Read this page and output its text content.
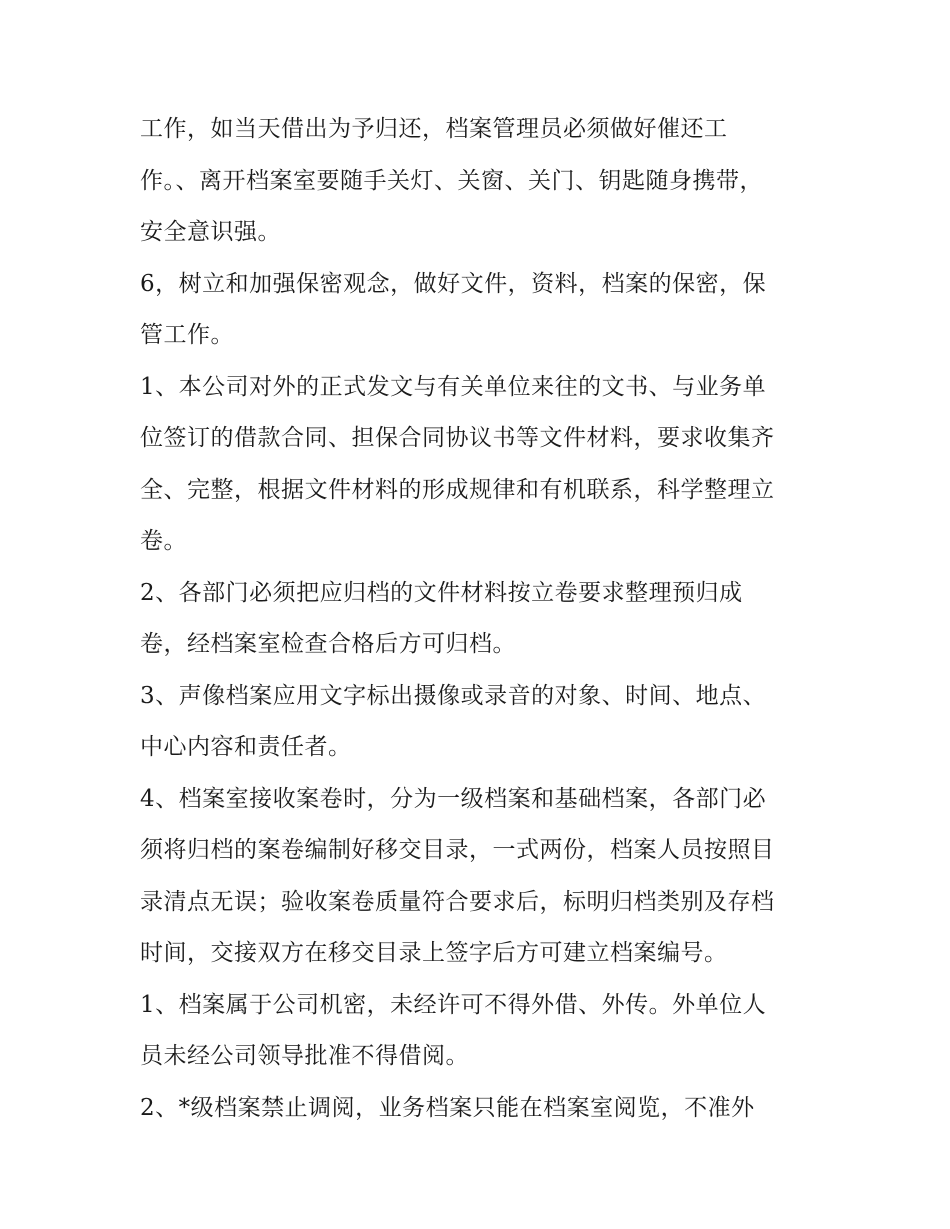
工作，如当天借出为予归还，档案管理员必须做好催还工
作。、离开档案室要随手关灯、关窗、关门、钥匙随身携带，
安全意识强。
6，树立和加强保密观念，做好文件，资料，档案的保密，保
管工作。
1、本公司对外的正式发文与有关单位来往的文书、与业务单
位签订的借款合同、担保合同协议书等文件材料，要求收集齐
全、完整，根据文件材料的形成规律和有机联系，科学整理立
卷。
2、各部门必须把应归档的文件材料按立卷要求整理预归成
卷，经档案室检查合格后方可归档。
3、声像档案应用文字标出摄像或录音的对象、时间、地点、
中心内容和责任者。
4、档案室接收案卷时，分为一级档案和基础档案，各部门必
须将归档的案卷编制好移交目录，一式两份，档案人员按照目
录清点无误；验收案卷质量符合要求后，标明归档类别及存档
时间，交接双方在移交目录上签字后方可建立档案编号。
1、档案属于公司机密，未经许可不得外借、外传。外单位人
员未经公司领导批准不得借阅。
2、*级档案禁止调阅，业务档案只能在档案室阅览，不准外
